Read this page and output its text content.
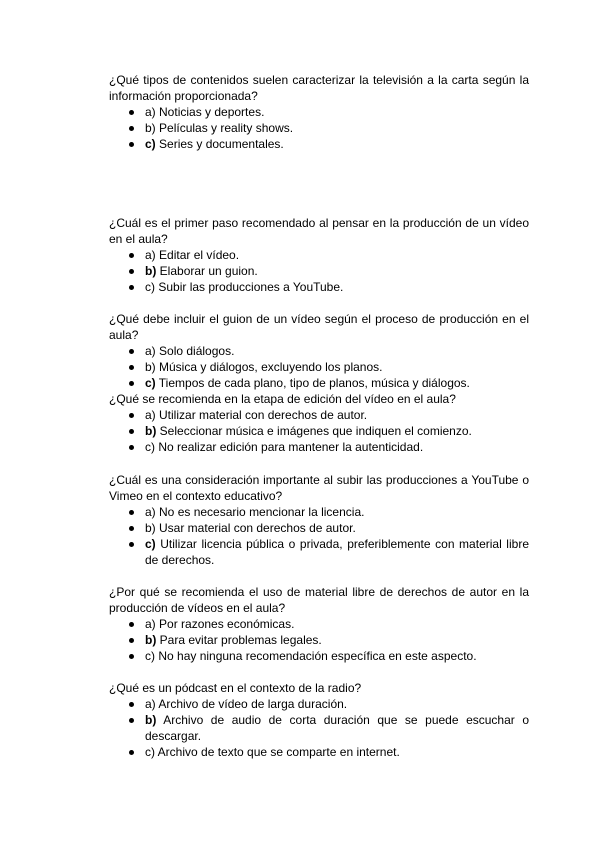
¿Qué tipos de contenidos suelen caracterizar la televisión a la carta según la información proporcionada?
a) Noticias y deportes.
b) Películas y reality shows.
c) Series y documentales.
¿Cuál es el primer paso recomendado al pensar en la producción de un vídeo en el aula?
a) Editar el vídeo.
b) Elaborar un guion.
c) Subir las producciones a YouTube.
¿Qué debe incluir el guion de un vídeo según el proceso de producción en el aula?
a) Solo diálogos.
b) Música y diálogos, excluyendo los planos.
c) Tiempos de cada plano, tipo de planos, música y diálogos.
¿Qué se recomienda en la etapa de edición del vídeo en el aula?
a) Utilizar material con derechos de autor.
b) Seleccionar música e imágenes que indiquen el comienzo.
c) No realizar edición para mantener la autenticidad.
¿Cuál es una consideración importante al subir las producciones a YouTube o Vimeo en el contexto educativo?
a) No es necesario mencionar la licencia.
b) Usar material con derechos de autor.
c) Utilizar licencia pública o privada, preferiblemente con material libre de derechos.
¿Por qué se recomienda el uso de material libre de derechos de autor en la producción de vídeos en el aula?
a) Por razones económicas.
b) Para evitar problemas legales.
c) No hay ninguna recomendación específica en este aspecto.
¿Qué es un pódcast en el contexto de la radio?
a) Archivo de vídeo de larga duración.
b) Archivo de audio de corta duración que se puede escuchar o descargar.
c) Archivo de texto que se comparte en internet.
